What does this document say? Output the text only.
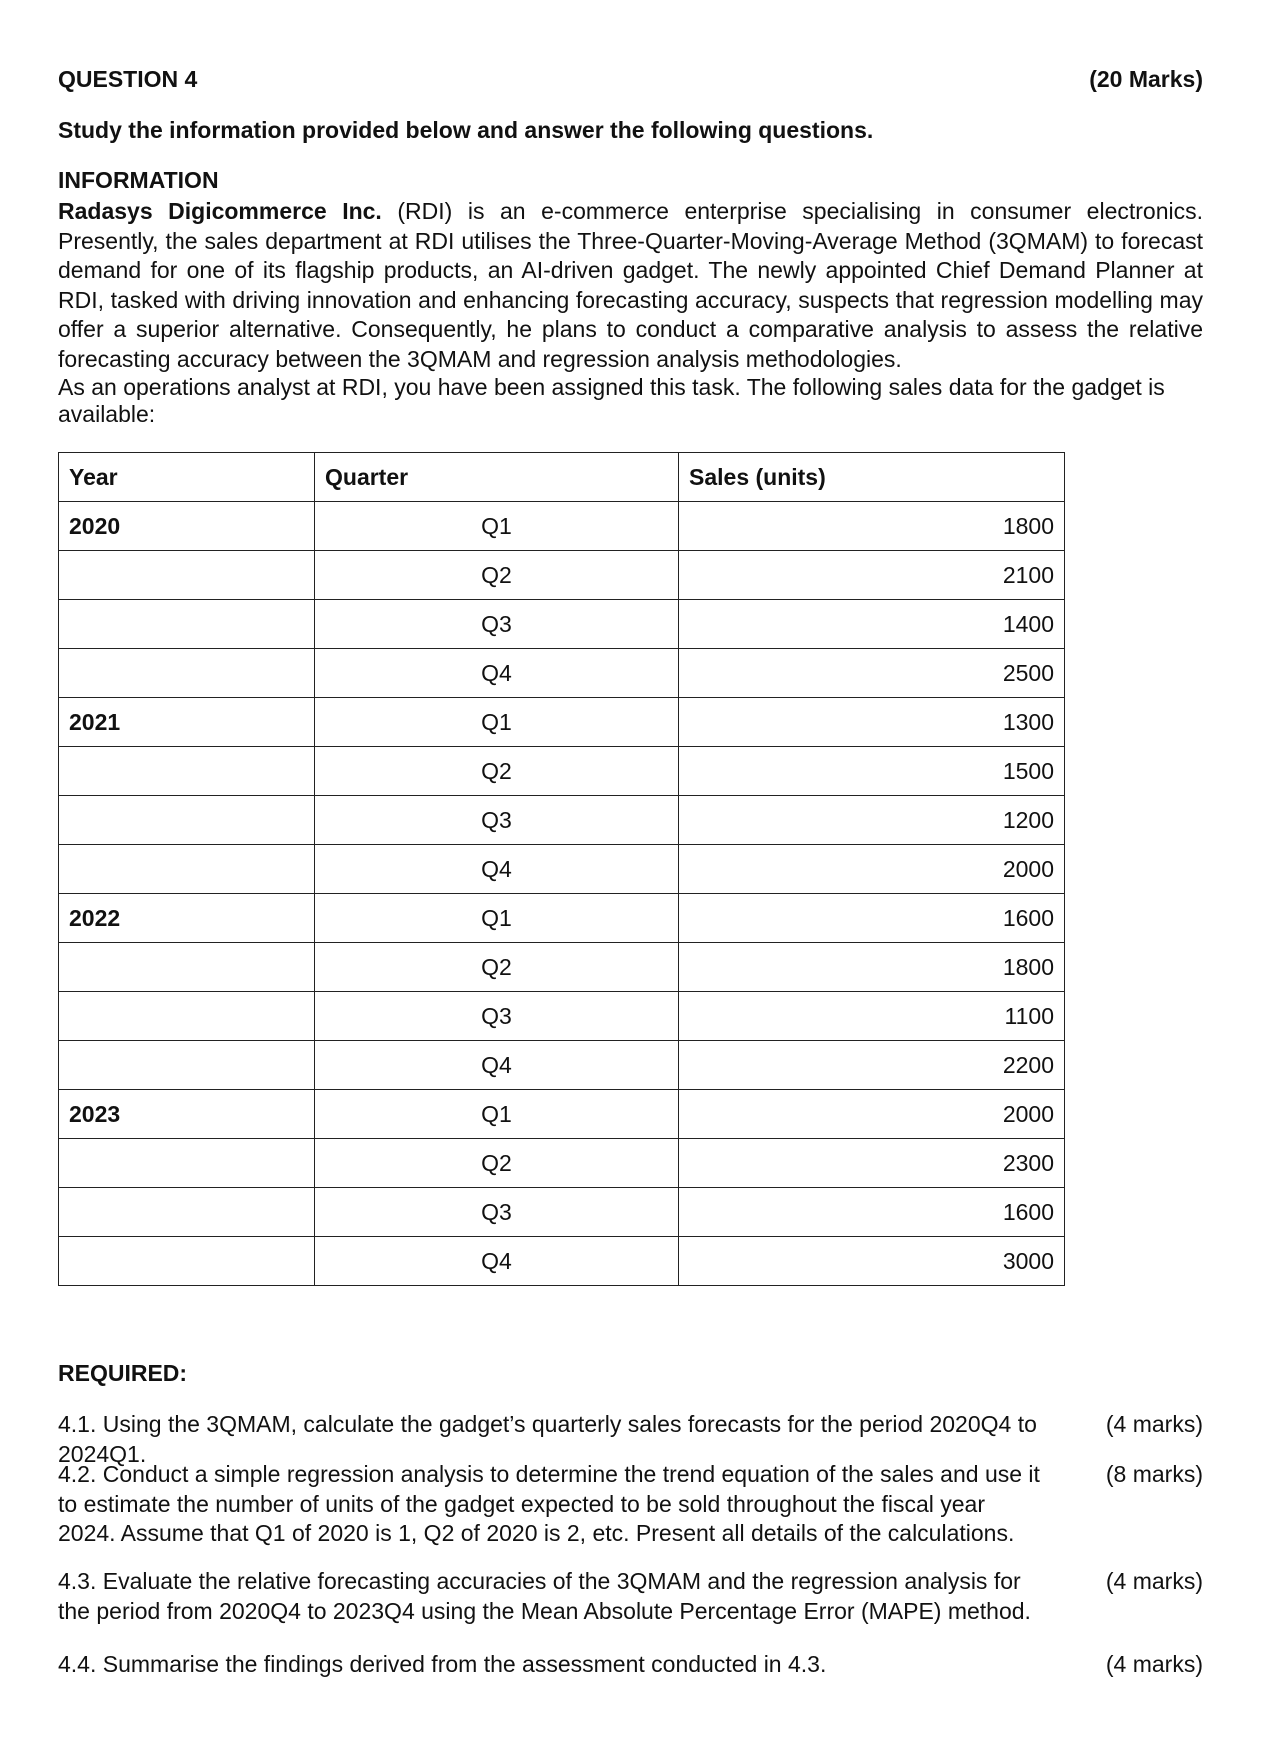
QUESTION 4	(20 Marks)
Study the information provided below and answer the following questions.
INFORMATION

Radasys Digicommerce Inc. (RDI) is an e-commerce enterprise specialising in consumer electronics. Presently, the sales department at RDI utilises the Three-Quarter-Moving-Average Method (3QMAM) to forecast demand for one of its flagship products, an AI-driven gadget. The newly appointed Chief Demand Planner at RDI, tasked with driving innovation and enhancing forecasting accuracy, suspects that regression modelling may offer a superior alternative. Consequently, he plans to conduct a comparative analysis to assess the relative forecasting accuracy between the 3QMAM and regression analysis methodologies.

As an operations analyst at RDI, you have been assigned this task. The following sales data for the gadget is available:
Year	Quarter	Sales (units)
2020	Q1	1800
	Q2	2100
	Q3	1400
	Q4	2500
2021	Q1	1300
	Q2	1500
	Q3	1200
	Q4	2000
2022	Q1	1600
	Q2	1800
	Q3	1100
	Q4	2200
2023	Q1	2000
	Q2	2300
	Q3	1600
	Q4	3000
REQUIRED:
4.1. Using the 3QMAM, calculate the gadget’s quarterly sales forecasts for the period 2020Q4 to 2024Q1.
(4 marks)
4.2. Conduct a simple regression analysis to determine the trend equation of the sales and use it to estimate the number of units of the gadget expected to be sold throughout the fiscal year 2024. Assume that Q1 of 2020 is 1, Q2 of 2020 is 2, etc. Present all details of the calculations.
(8 marks)
4.3. Evaluate the relative forecasting accuracies of the 3QMAM and the regression analysis for the period from 2020Q4 to 2023Q4 using the Mean Absolute Percentage Error (MAPE) method.
(4 marks)
4.4. Summarise the findings derived from the assessment conducted in 4.3.	(4 marks)
